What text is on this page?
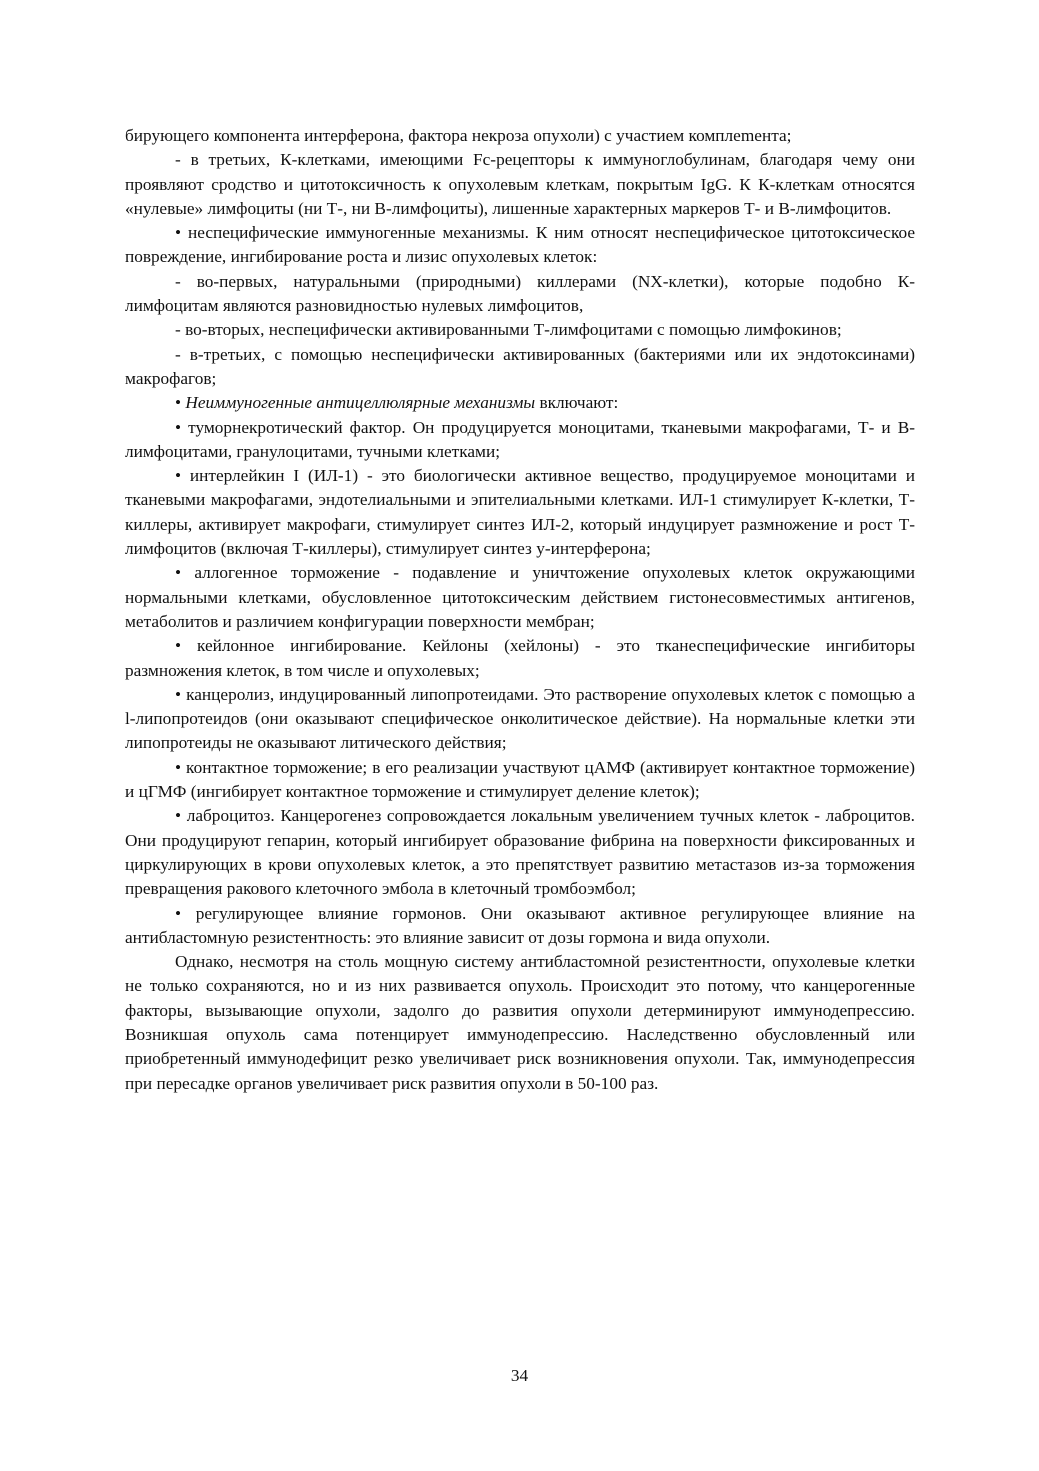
бирующего компонента интерферона, фактора некроза опухоли) с участием комплеmента;

- в третьих, К-клетками, имеющими Fc-рецепторы к иммуноглобулинам, благодаря чему они проявляют сродство и цитотоксичность к опухолевым клеткам, покрытым IgG. К К-клеткам относятся «нулевые» лимфоциты (ни Т-, ни В-лимфоциты), лишенные характерных маркеров Т- и В-лимфоцитов.

• неспецифические иммуногенные механизмы. К ним относят неспецифическое цитотоксическое повреждение, ингибирование роста и лизис опухолевых клеток:

- во-первых, натуральными (природными) киллерами (NX-клетки), которые подобно К-лимфоцитам являются разновидностью нулевых лимфоцитов,

- во-вторых, неспецифически активированными Т-лимфоцитами с помощью лимфокинов;

- в-третьих, с помощью неспецифически активированных (бактериями или их эндотоксинами) макрофагов;

• Неиммуногенные антицеллюлярные механизмы включают:

• туморнекротический фактор. Он продуцируется моноцитами, тканевыми макрофагами, Т- и В-лимфоцитами, гранулоцитами, тучными клетками;

• интерлейкин I (ИЛ-1) - это биологически активное вещество, продуцируемое моноцитами и тканевыми макрофагами, эндотелиальными и эпителиальными клетками. ИЛ-1 стимулирует К-клетки, Т-киллеры, активирует макрофаги, стимулирует синтез ИЛ-2, который индуцирует размножение и рост Т-лимфоцитов (включая Т-киллеры), стимулирует синтез у-интерферона;

• аллогенное торможение - подавление и уничтожение опухолевых клеток окружающими нормальными клетками, обусловленное цитотоксическим действием гистонесовместимых антигенов, метаболитов и различием конфигурации поверхности мембран;

• кейлонное ингибирование. Кейлоны (хейлоны) - это тканеспецифические ингибиторы размножения клеток, в том числе и опухолевых;

• канцеролиз, индуцированный липопротеидами. Это растворение опухолевых клеток с помощью а l-липопротеидов (они оказывают специфическое онколитическое действие). На нормальные клетки эти липопротеиды не оказывают литического действия;

• контактное торможение; в его реализации участвуют цАМФ (активирует контактное торможение) и цГМФ (ингибирует контактное торможение и стимулирует деление клеток);

• лаброцитоз. Канцерогенез сопровождается локальным увеличением тучных клеток - лаброцитов. Они продуцируют гепарин, который ингибирует образование фибрина на поверхности фиксированных и циркулирующих в крови опухолевых клеток, а это препятствует развитию метастазов из-за торможения превращения ракового клеточного эмбола в клеточный тромбоэмбол;

• регулирующее влияние гормонов. Они оказывают активное регулирующее влияние на антибластомную резистентность: это влияние зависит от дозы гормона и вида опухоли.

Однако, несмотря на столь мощную систему антибластомной резистентности, опухолевые клетки не только сохраняются, но и из них развивается опухоль. Происходит это потому, что канцерогенные факторы, вызывающие опухоли, задолго до развития опухоли детерминируют иммунодепрессию. Возникшая опухоль сама потенцирует иммунодепрессию. Наследственно обусловленный или приобретенный иммунодефицит резко увеличивает риск возникновения опухоли. Так, иммунодепрессия при пересадке органов увеличивает риск развития опухоли в 50-100 раз.

34
